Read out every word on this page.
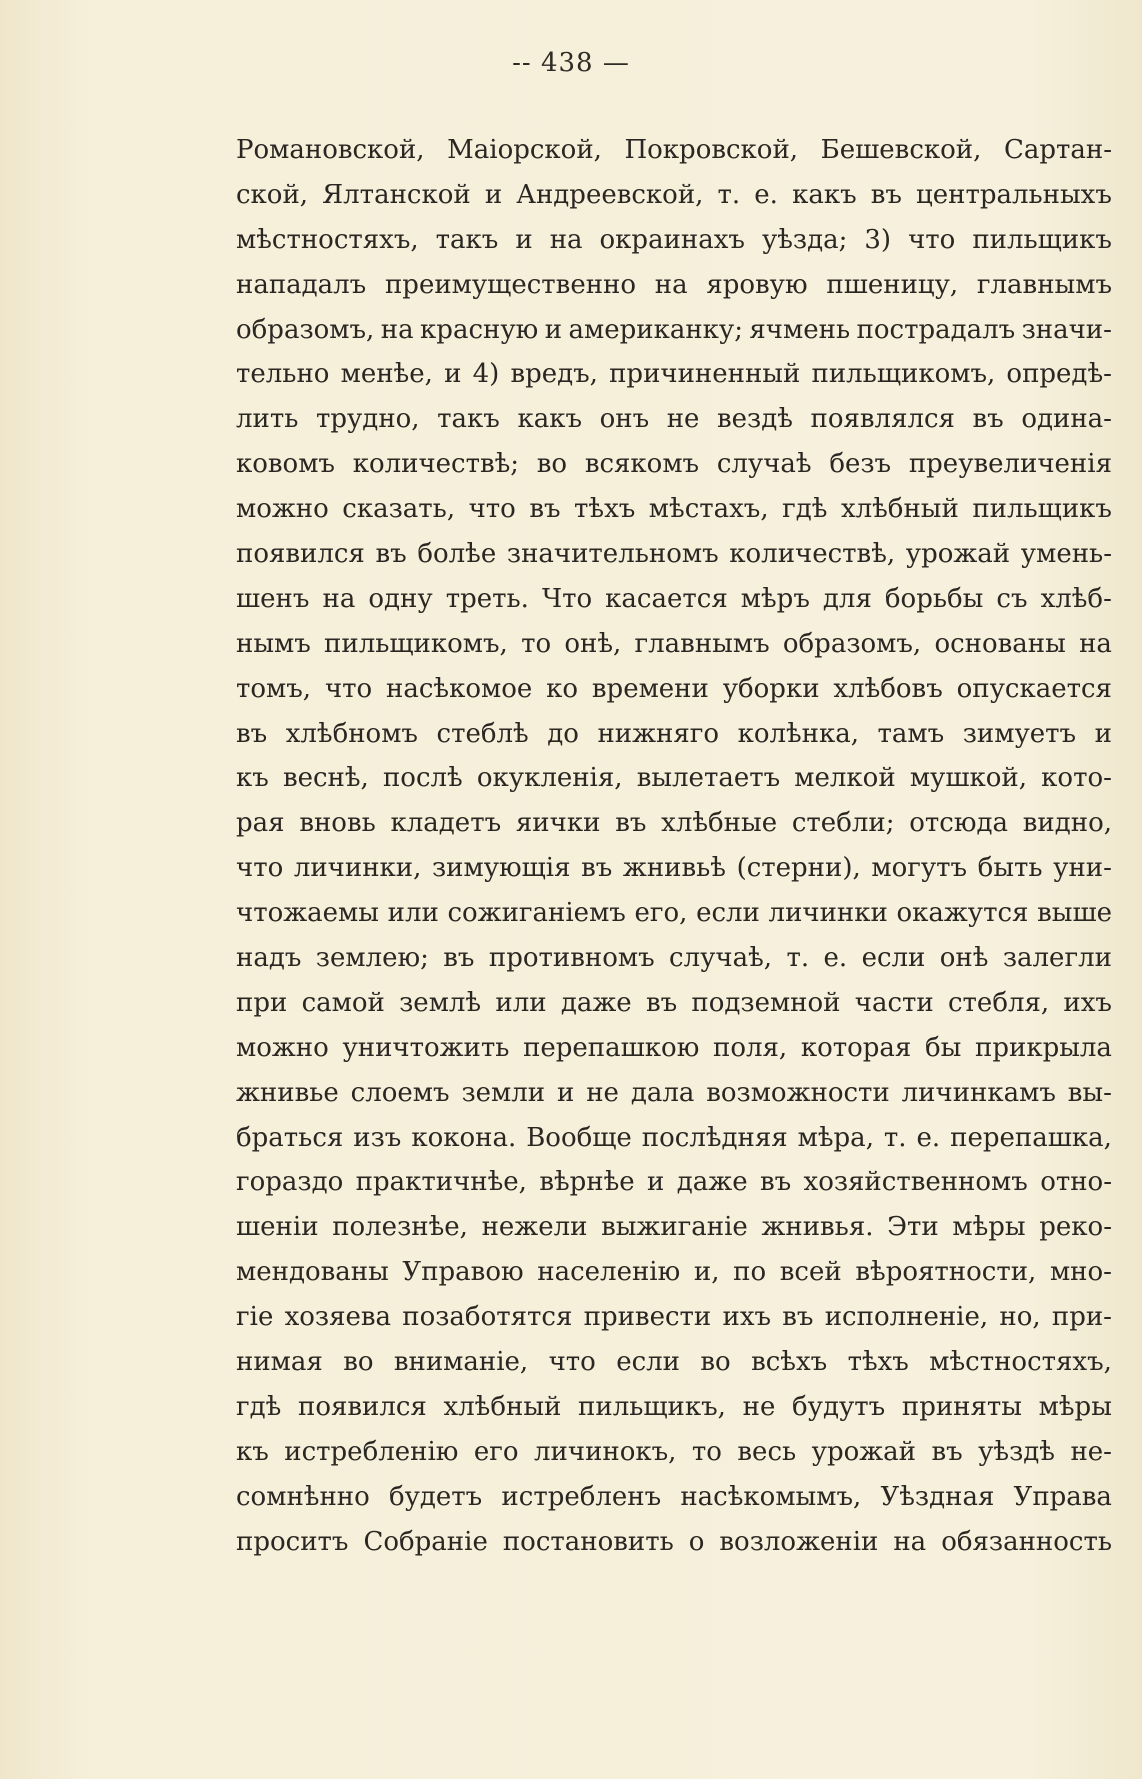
-- 438 —
Романовской, Маіорской, Покровской, Бешевской, Сартан-
ской, Ялтанской и Андреевской, т. е. какъ въ центральныхъ
мѣстностяхъ, такъ и на окраинахъ уѣзда; 3) что пильщикъ
нападалъ преимущественно на яровую пшеницу, главнымъ
образомъ, на красную и американку; ячмень пострадалъ значи-
тельно менѣе, и 4) вредъ, причиненный пильщикомъ, опредѣ-
лить трудно, такъ какъ онъ не вездѣ появлялся въ одина-
ковомъ количествѣ; во всякомъ случаѣ безъ преувеличенія
можно сказать, что въ тѣхъ мѣстахъ, гдѣ хлѣбный пильщикъ
появился въ болѣе значительномъ количествѣ, урожай умень-
шенъ на одну треть. Что касается мѣръ для борьбы съ хлѣб-
нымъ пильщикомъ, то онѣ, главнымъ образомъ, основаны на
томъ, что насѣкомое ко времени уборки хлѣбовъ опускается
въ хлѣбномъ стеблѣ до нижняго колѣнка, тамъ зимуетъ и
къ веснѣ, послѣ окукленія, вылетаетъ мелкой мушкой, кото-
рая вновь кладетъ яички въ хлѣбные стебли; отсюда видно,
что личинки, зимующія въ жнивьѣ (стерни), могутъ быть уни-
чтожаемы или сожиганіемъ его, если личинки окажутся выше
надъ землею; въ противномъ случаѣ, т. е. если онѣ залегли
при самой землѣ или даже въ подземной части стебля, ихъ
можно уничтожить перепашкою поля, которая бы прикрыла
жнивье слоемъ земли и не дала возможности личинкамъ вы-
браться изъ кокона. Вообще послѣдняя мѣра, т. е. перепашка,
гораздо практичнѣе, вѣрнѣе и даже въ хозяйственномъ отно-
шеніи полезнѣе, нежели выжиганіе жнивья. Эти мѣры реко-
мендованы Управою населенію и, по всей вѣроятности, мно-
гіе хозяева позаботятся привести ихъ въ исполненіе, но, при-
нимая во вниманіе, что если во всѣхъ тѣхъ мѣстностяхъ,
гдѣ появился хлѣбный пильщикъ, не будутъ приняты мѣры
къ истребленію его личинокъ, то весь урожай въ уѣздѣ не-
сомнѣнно будетъ истребленъ насѣкомымъ, Уѣздная Управа
проситъ Собраніе постановить о возложеніи на обязанность
